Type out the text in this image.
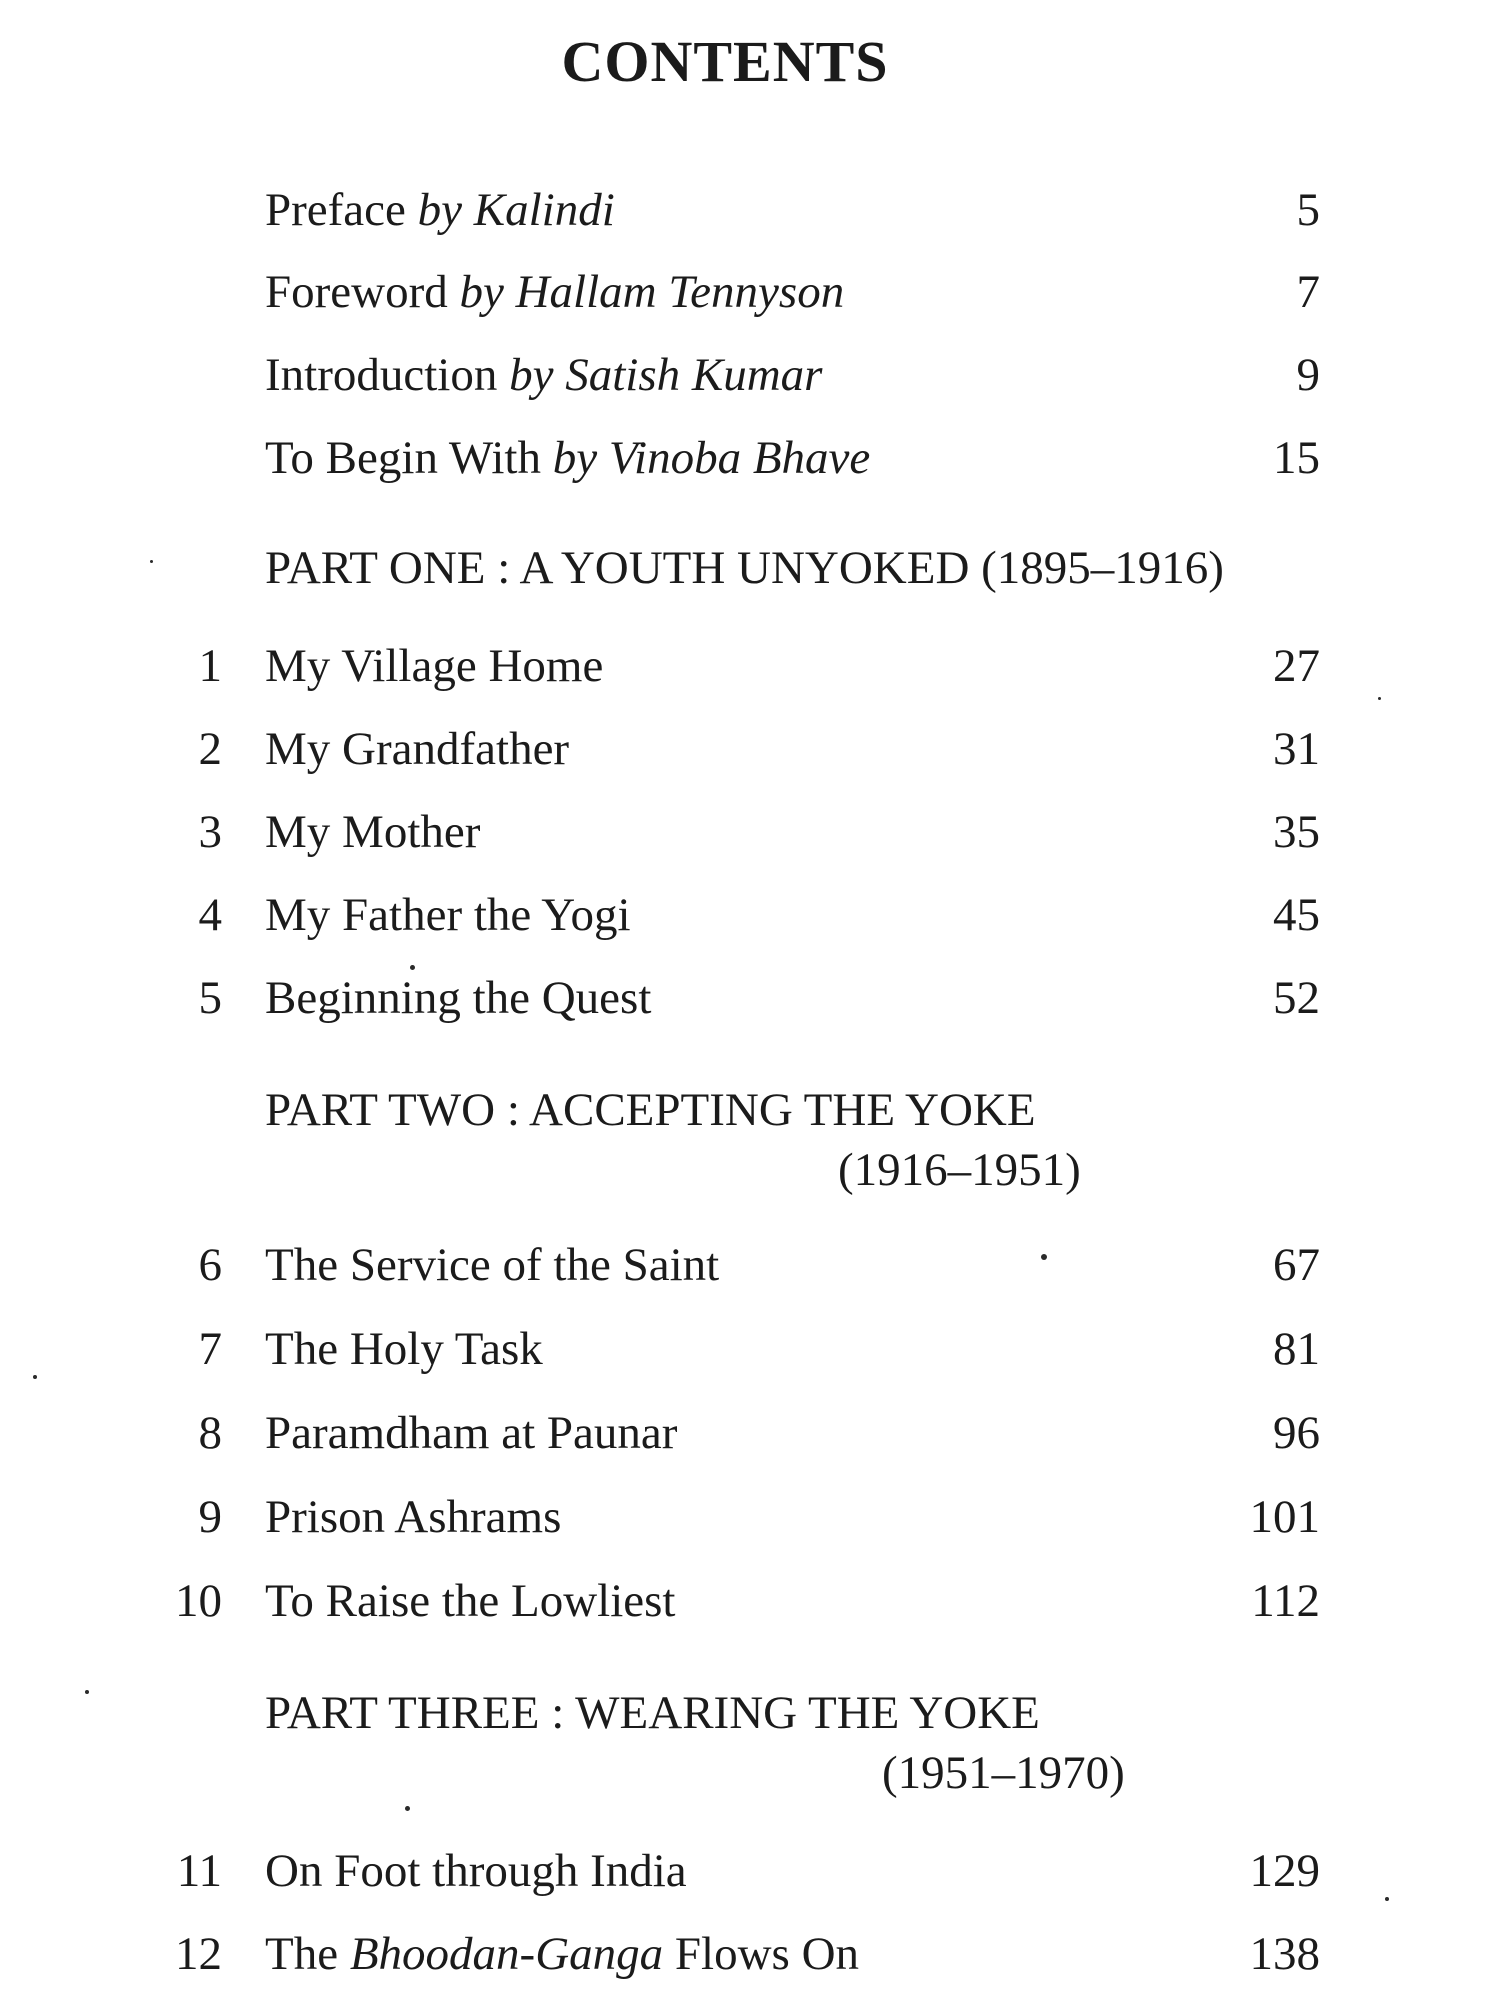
CONTENTS
Preface by Kalindi	5
Foreword by Hallam Tennyson	7
Introduction by Satish Kumar	9
To Begin With by Vinoba Bhave	15
PART ONE : A YOUTH UNYOKED (1895–1916)
1 My Village Home	27
2 My Grandfather	31
3 My Mother	35
4 My Father the Yogi	45
5 Beginning the Quest	52
PART TWO : ACCEPTING THE YOKE
(1916–1951)
6 The Service of the Saint	67
7 The Holy Task	81
8 Paramdham at Paunar	96
9 Prison Ashrams	101
10 To Raise the Lowliest	112
PART THREE : WEARING THE YOKE
(1951–1970)
11 On Foot through India	129
12 The Bhoodan-Ganga Flows On	138
